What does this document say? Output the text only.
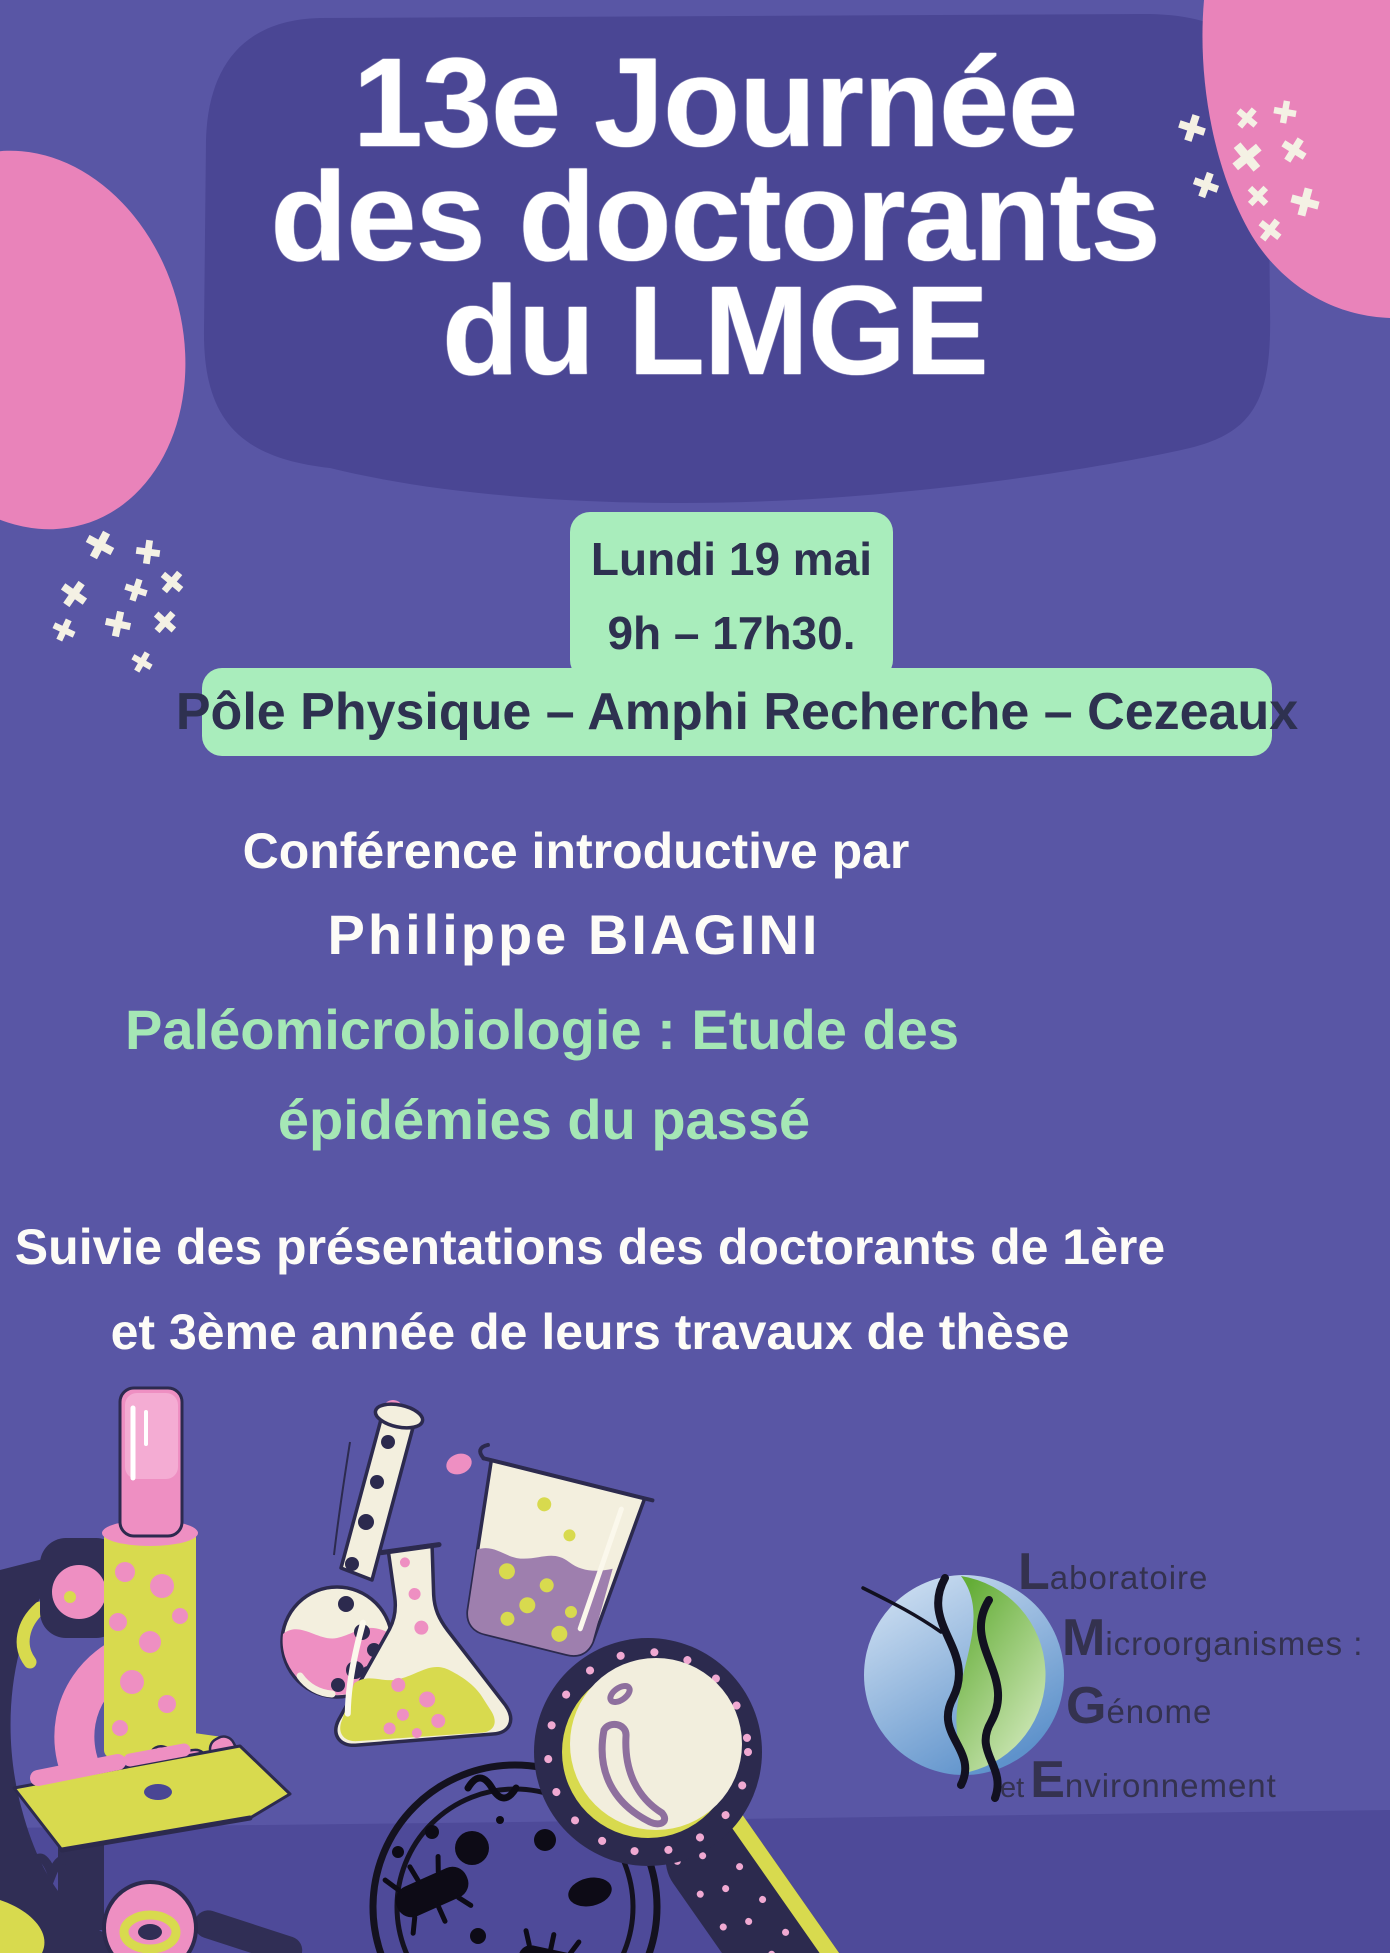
13e Journée
des doctorants
du LMGE
Lundi 19 mai
9h – 17h30.
Pôle Physique – Amphi Recherche – Cezeaux
Conférence introductive par
Philippe BIAGINI
Paléomicrobiologie : Etude des
épidémies du passé
Suivie des présentations des doctorants de 1ère
et 3ème année de leurs travaux de thèse
L aboratoire
M icroorganismes :
G énome
et E nvironnement
